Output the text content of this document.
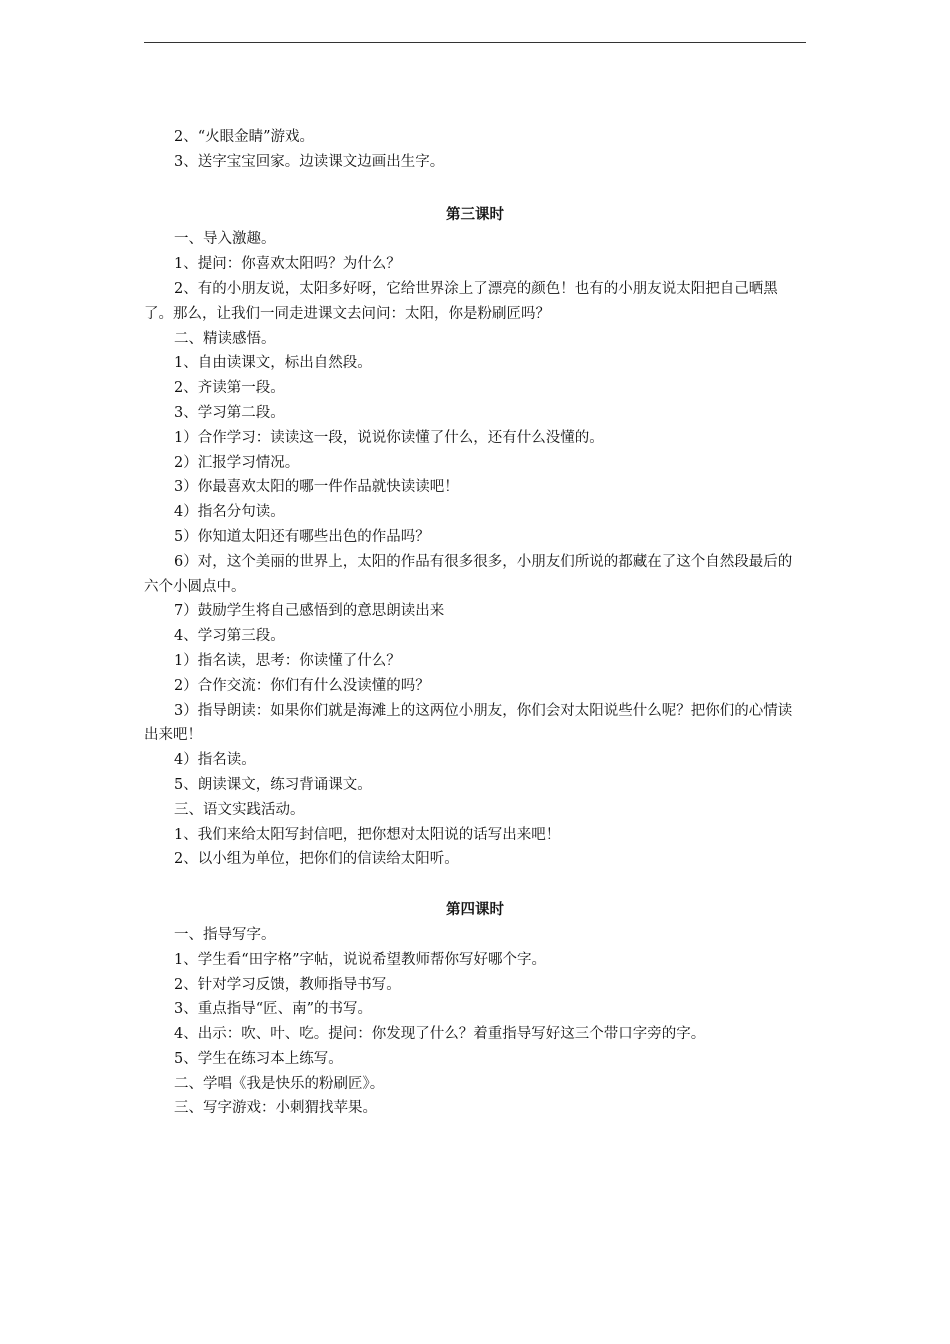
2、“火眼金睛”游戏。

3、送字宝宝回家。边读课文边画出生字。

第三课时

一、导入激趣。

1、提问：你喜欢太阳吗？为什么？

2、有的小朋友说，太阳多好呀，它给世界涂上了漂亮的颜色！也有的小朋友说太阳把自己晒黑了。那么，让我们一同走进课文去问问：太阳，你是粉刷匠吗？

二、精读感悟。

1、自由读课文，标出自然段。

2、齐读第一段。

3、学习第二段。

1）合作学习：读读这一段，说说你读懂了什么，还有什么没懂的。

2）汇报学习情况。

3）你最喜欢太阳的哪一件作品就快读读吧！

4）指名分句读。

5）你知道太阳还有哪些出色的作品吗？

6）对，这个美丽的世界上，太阳的作品有很多很多，小朋友们所说的都藏在了这个自然段最后的六个小圆点中。

7）鼓励学生将自己感悟到的意思朗读出来

4、学习第三段。

1）指名读，思考：你读懂了什么？

2）合作交流：你们有什么没读懂的吗？

3）指导朗读：如果你们就是海滩上的这两位小朋友，你们会对太阳说些什么呢？把你们的心情读出来吧！

4）指名读。

5、朗读课文，练习背诵课文。

三、语文实践活动。

1、我们来给太阳写封信吧，把你想对太阳说的话写出来吧！

2、以小组为单位，把你们的信读给太阳听。

第四课时

一、指导写字。

1、学生看“田字格”字帖，说说希望教师帮你写好哪个字。

2、针对学习反馈，教师指导书写。

3、重点指导“匠、南”的书写。

4、出示：吹、叶、吃。提问：你发现了什么？着重指导写好这三个带口字旁的字。

5、学生在练习本上练写。

二、学唱《我是快乐的粉刷匠》。

三、写字游戏：小刺猬找苹果。
